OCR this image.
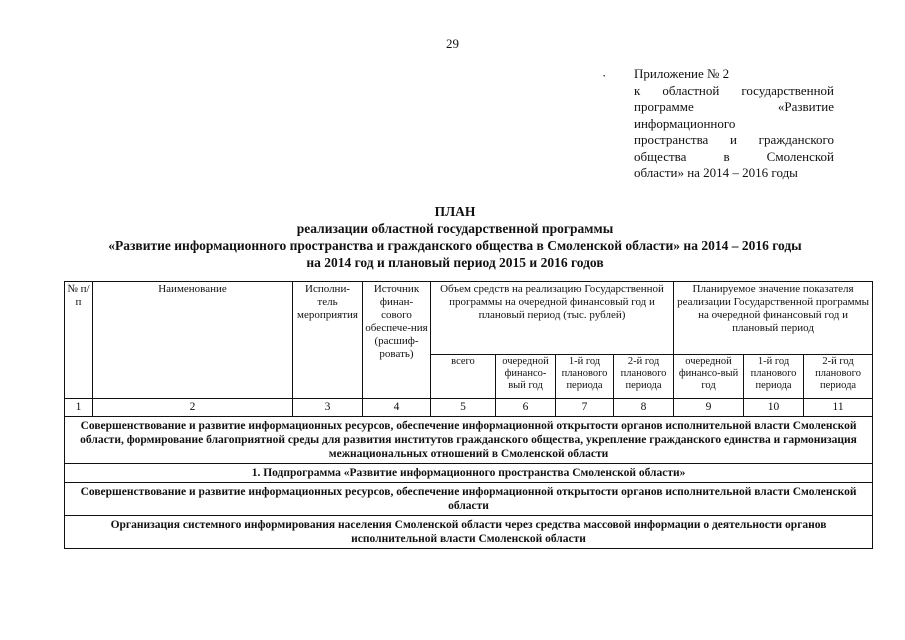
29
· Приложение № 2
к областной государственной
программе «Развитие
информационного
пространства и гражданского
общества в Смоленской
области» на 2014 – 2016 годы
ПЛАН
реализации областной государственной программы
«Развитие информационного пространства и гражданского общества в Смоленской области» на 2014 – 2016 годы
на 2014 год и плановый период 2015 и 2016 годов
№ п/п	Наименование	Исполни-тель мероприятия	Источник финан-сового обеспече-ния (расшиф-ровать)	Объем средств на реализацию Государственной программы на очередной финансовый год и плановый период (тыс. рублей)				Планируемое значение показателя реализации Государственной программы на очередной финансовый год и плановый период		
				всего	очередной финансо-вый год	1-й год планового периода	2-й год планового периода	очередной финансо-вый год	1-й год планового периода	2-й год планового периода
1	2	3	4	5	6	7	8	9	10	11
Совершенствование и развитие информационных ресурсов, обеспечение информационной открытости органов исполнительной власти Смоленской области, формирование благоприятной среды для развития институтов гражданского общества, укрепление гражданского единства и гармонизация межнациональных отношений в Смоленской области										
1. Подпрограмма «Развитие информационного пространства Смоленской области»										
Совершенствование и развитие информационных ресурсов, обеспечение информационной открытости органов исполнительной власти Смоленской области										
Организация системного информирования населения Смоленской области через средства массовой информации о деятельности органов исполнительной власти Смоленской области										
